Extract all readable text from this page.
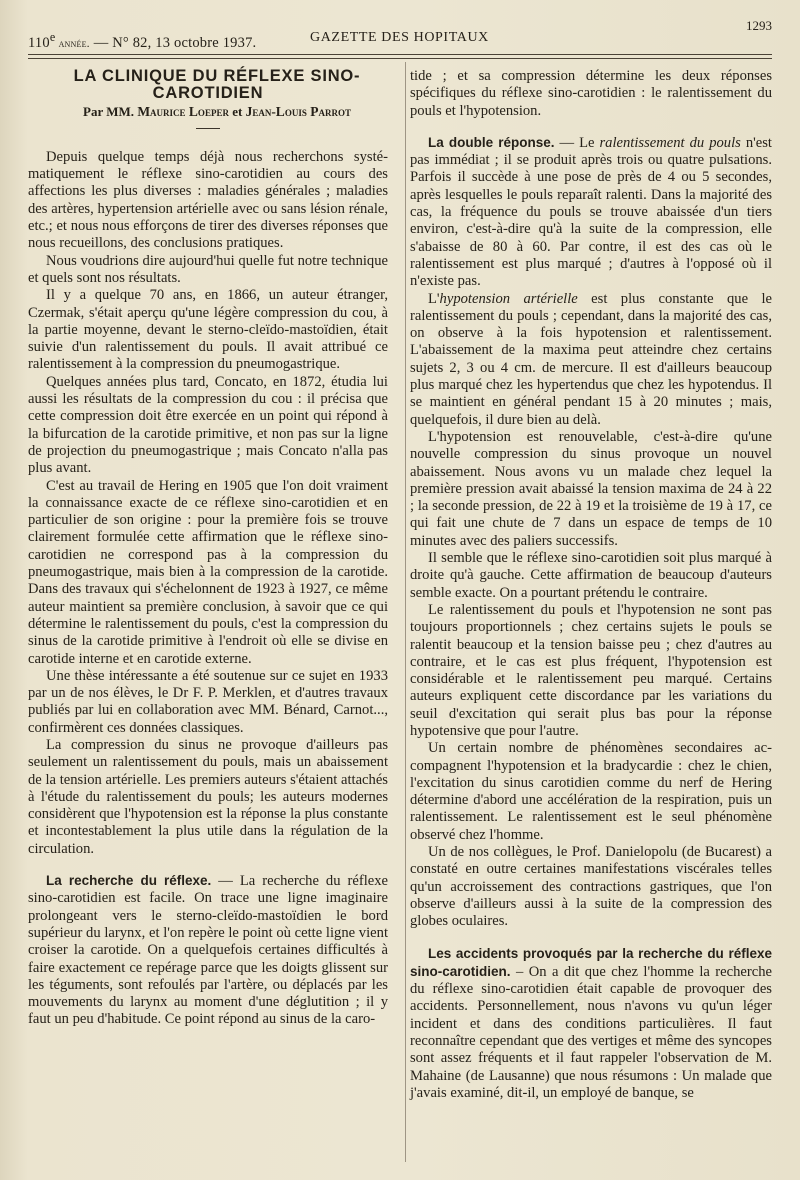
110e année. — N° 82, 13 octobre 1937.	GAZETTE DES HOPITAUX
1293

LA CLINIQUE DU RÉFLEXE SINO-CAROTIDIEN

Par MM. Maurice Loeper et Jean-Louis Parrot

Depuis quelque temps déjà nous recherchons systématiquement le réflexe sino-carotidien au cours des affections les plus diverses : maladies générales ; maladies des artères, hypertension artérielle avec ou sans lésion rénale, etc.; et nous nous efforçons de tirer des diverses réponses que nous recueillons, des conclusions pratiques.

Nous voudrions dire aujourd'hui quelle fut notre technique et quels sont nos résultats.

Il y a quelque 70 ans, en 1866, un auteur étranger, Czermak, s'était aperçu qu'une légère compression du cou, à la partie moyenne, devant le sterno-cleïdo-mastoïdien, était suivie d'un ralentissement du pouls. Il avait attribué ce ralentissement à la compression du pneumogastrique.

Quelques années plus tard, Concato, en 1872, étudia lui aussi les résultats de la compression du cou : il précisa que cette compression doit être exercée en un point qui répond à la bifurcation de la carotide primitive, et non pas sur la ligne de projection du pneumogastrique ; mais Concato n'alla pas plus avant.

C'est au travail de Hering en 1905 que l'on doit vraiment la connaissance exacte de ce réflexe sino-carotidien et en particulier de son origine : pour la première fois se trouve clairement formulée cette affirmation que le réflexe sino-carotidien ne correspond pas à la compression du pneumogastrique, mais bien à la compression de la carotide. Dans des travaux qui s'échelonnent de 1923 à 1927, ce même auteur maintient sa première conclusion, à savoir que ce qui détermine le ralentissement du pouls, c'est la compression du sinus de la carotide primitive à l'endroit où elle se divise en carotide interne et en carotide externe.

Une thèse intéressante a été soutenue sur ce sujet en 1933 par un de nos élèves, le Dr F. P. Merklen, et d'autres travaux publiés par lui en collaboration avec MM. Bénard, Carnot..., confirmèrent ces données classiques.

La compression du sinus ne provoque d'ailleurs pas seulement un ralentissement du pouls, mais un abaissement de la tension artérielle. Les premiers auteurs s'étaient attachés à l'étude du ralentissement du pouls; les auteurs modernes considèrent que l'hypotension est la réponse la plus constante et incontestablement la plus utile dans la régulation de la circulation.

La recherche du réflexe. — La recherche du réflexe sino-carotidien est facile. On trace une ligne imaginaire prolongeant vers le sterno-cleïdo-mastoïdien le bord supérieur du larynx, et l'on repère le point où cette ligne vient croiser la carotide. On a quelquefois certaines difficultés à faire exactement ce repérage parce que les doigts glissent sur les téguments, sont refoulés par l'artère, ou déplacés par les mouvements du larynx au moment d'une déglutition ; il y faut un peu d'habitude. Ce point répond au sinus de la caro-

tide ; et sa compression détermine les deux réponses spécifiques du réflexe sino-carotidien : le ralentissement du pouls et l'hypotension.

La double réponse. — Le ralentissement du pouls n'est pas immédiat ; il se produit après trois ou quatre pulsations. Parfois il succède à une pose de près de 4 ou 5 secondes, après lesquelles le pouls reparaît ralenti. Dans la majorité des cas, la fréquence du pouls se trouve abaissée d'un tiers environ, c'est-à-dire qu'à la suite de la compression, elle s'abaisse de 80 à 60. Par contre, il est des cas où le ralentissement est plus marqué ; d'autres à l'opposé où il n'existe pas.

L'hypotension artérielle est plus constante que le ralentissement du pouls ; cependant, dans la majorité des cas, on observe à la fois hypotension et ralentissement. L'abaissement de la maxima peut atteindre chez certains sujets 2, 3 ou 4 cm. de mercure. Il est d'ailleurs beaucoup plus marqué chez les hypertendus que chez les hypotendus. Il se maintient en général pendant 15 à 20 minutes ; mais, quelquefois, il dure bien au delà.

L'hypotension est renouvelable, c'est-à-dire qu'une nouvelle compression du sinus provoque un nouvel abaissement. Nous avons vu un malade chez lequel la première pression avait abaissé la tension maxima de 24 à 22 ; la seconde pression, de 22 à 19 et la troisième de 19 à 17, ce qui fait une chute de 7 dans un espace de temps de 10 minutes avec des paliers successifs.

Il semble que le réflexe sino-carotidien soit plus marqué à droite qu'à gauche. Cette affirmation de beaucoup d'auteurs semble exacte. On a pourtant prétendu le contraire.

Le ralentissement du pouls et l'hypotension ne sont pas toujours proportionnels ; chez certains sujets le pouls se ralentit beaucoup et la tension baisse peu ; chez d'autres au contraire, et le cas est plus fréquent, l'hypotension est considérable et le ralentissement peu marqué. Certains auteurs expliquent cette discordance par les variations du seuil d'excitation qui serait plus bas pour la réponse hypotensive que pour l'autre.

Un certain nombre de phénomènes secondaires accompagnent l'hypotension et la bradycardie : chez le chien, l'excitation du sinus carotidien comme du nerf de Hering détermine d'abord une accélération de la respiration, puis un ralentissement. Le ralentissement est le seul phénomène observé chez l'homme.

Un de nos collègues, le Prof. Danielopolu (de Bucarest) a constaté en outre certaines manifestations viscérales telles qu'un accroissement des contractions gastriques, que l'on observe d'ailleurs aussi à la suite de la compression des globes oculaires.

Les accidents provoqués par la recherche du réflexe sino-carotidien. – On a dit que chez l'homme la recherche du réflexe sino-carotidien était capable de provoquer des accidents. Personnellement, nous n'avons vu qu'un léger incident et dans des conditions particulières. Il faut reconnaître cependant que des vertiges et même des syncopes sont assez fréquents et il faut rappeler l'observation de M. Mahaine (de Lausanne) que nous résumons : Un malade que j'avais examiné, dit-il, un employé de banque, se
